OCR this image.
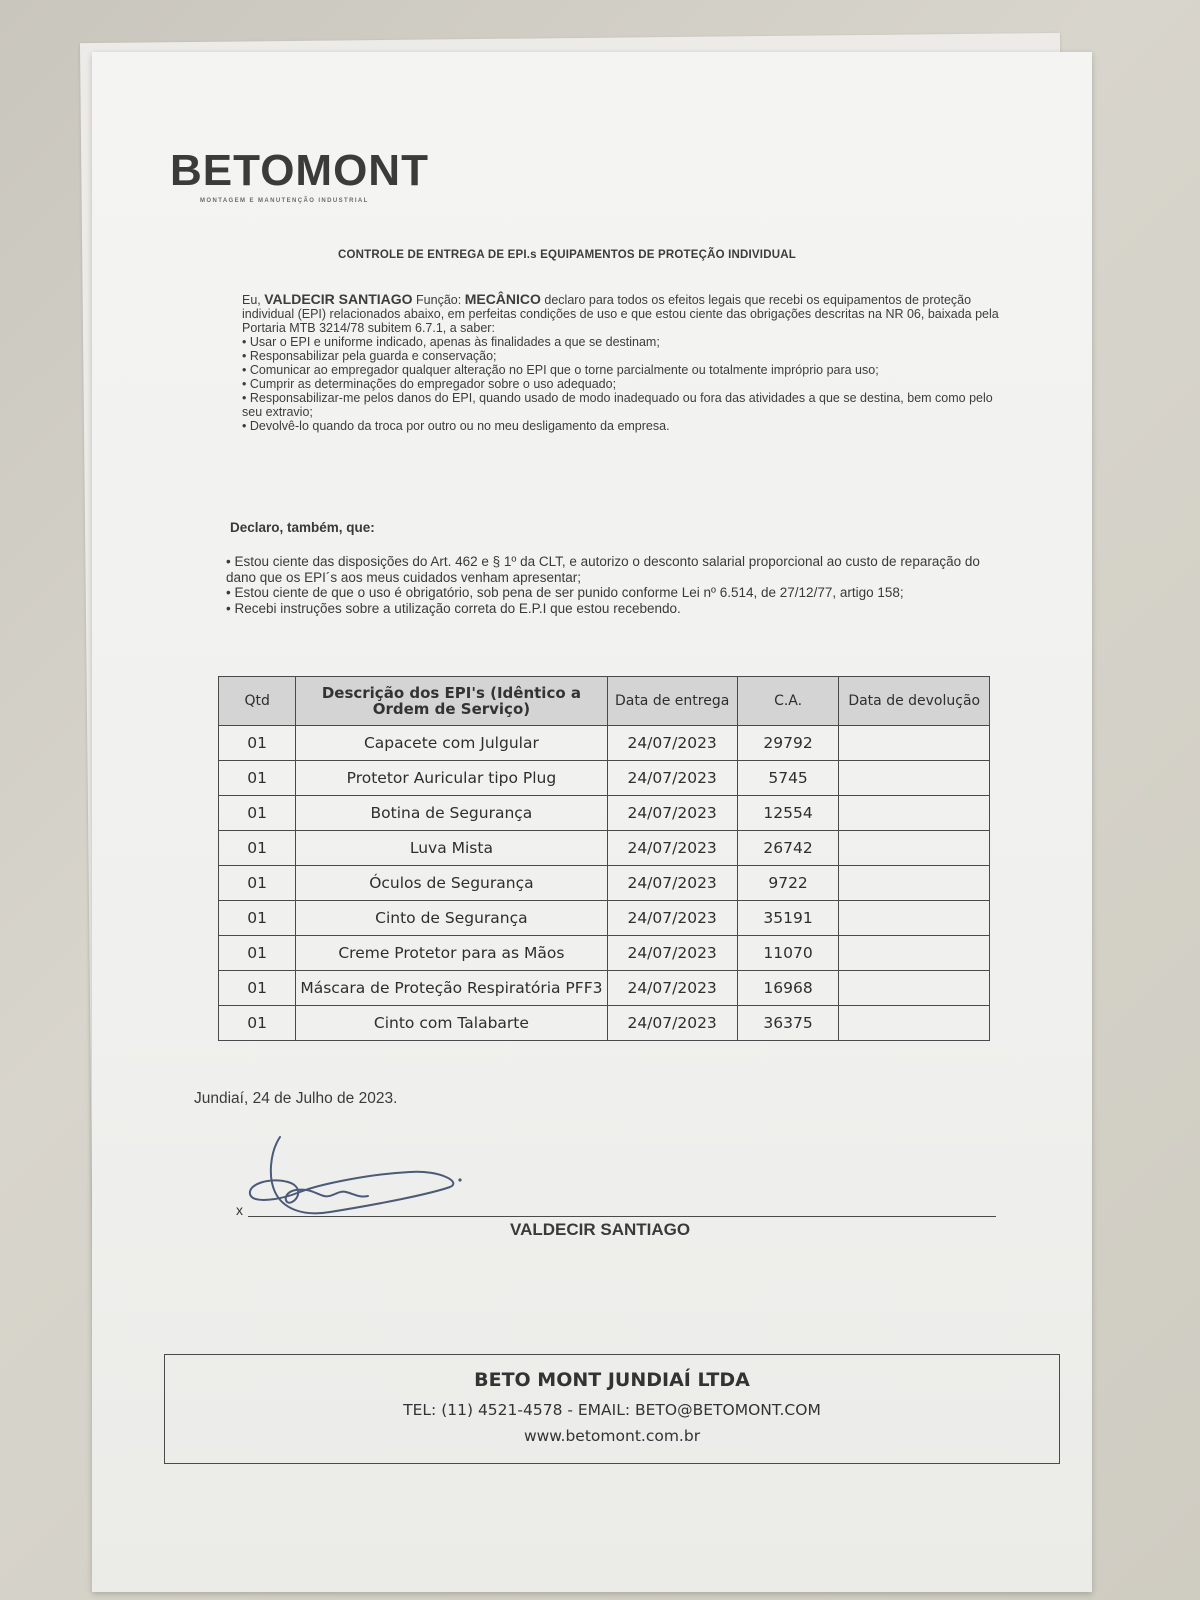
BETOMONT
MONTAGEM E MANUTENÇÃO INDUSTRIAL
CONTROLE DE ENTREGA DE EPI.s EQUIPAMENTOS DE PROTEÇÃO INDIVIDUAL

Eu, VALDECIR SANTIAGO Função: MECÂNICO declaro para todos os efeitos legais que recebi os equipamentos de proteção individual (EPI) relacionados abaixo, em perfeitas condições de uso e que estou ciente das obrigações descritas na NR 06, baixada pela Portaria MTB 3214/78 subitem 6.7.1, a saber:

• Usar o EPI e uniforme indicado, apenas às finalidades a que se destinam;

• Responsabilizar pela guarda e conservação;

• Comunicar ao empregador qualquer alteração no EPI que o torne parcialmente ou totalmente impróprio para uso;

• Cumprir as determinações do empregador sobre o uso adequado;

• Responsabilizar-me pelos danos do EPI, quando usado de modo inadequado ou fora das atividades a que se destina, bem como pelo seu extravio;

• Devolvê-lo quando da troca por outro ou no meu desligamento da empresa.

Declaro, também, que:

• Estou ciente das disposições do Art. 462 e § 1º da CLT, e autorizo o desconto salarial proporcional ao custo de reparação do dano que os EPI´s aos meus cuidados venham apresentar;

• Estou ciente de que o uso é obrigatório, sob pena de ser punido conforme Lei nº 6.514, de 27/12/77, artigo 158;

• Recebi instruções sobre a utilização correta do E.P.I que estou recebendo.

Qtd	Descrição dos EPI's (Idêntico a Ordem de Serviço)	Data de entrega	C.A.	Data de devolução
01	Capacete com Julgular	24/07/2023	29792	
01	Protetor Auricular tipo Plug	24/07/2023	5745	
01	Botina de Segurança	24/07/2023	12554	
01	Luva Mista	24/07/2023	26742	
01	Óculos de Segurança	24/07/2023	9722	
01	Cinto de Segurança	24/07/2023	35191	
01	Creme Protetor para as Mãos	24/07/2023	11070	
01	Máscara de Proteção Respiratória PFF3	24/07/2023	16968	
01	Cinto com Talabarte	24/07/2023	36375	
Jundiaí, 24 de Julho de 2023.
x
VALDECIR SANTIAGO
BETO MONT JUNDIAÍ LTDA
TEL: (11) 4521-4578 - EMAIL: BETO@BETOMONT.COM
www.betomont.com.br
